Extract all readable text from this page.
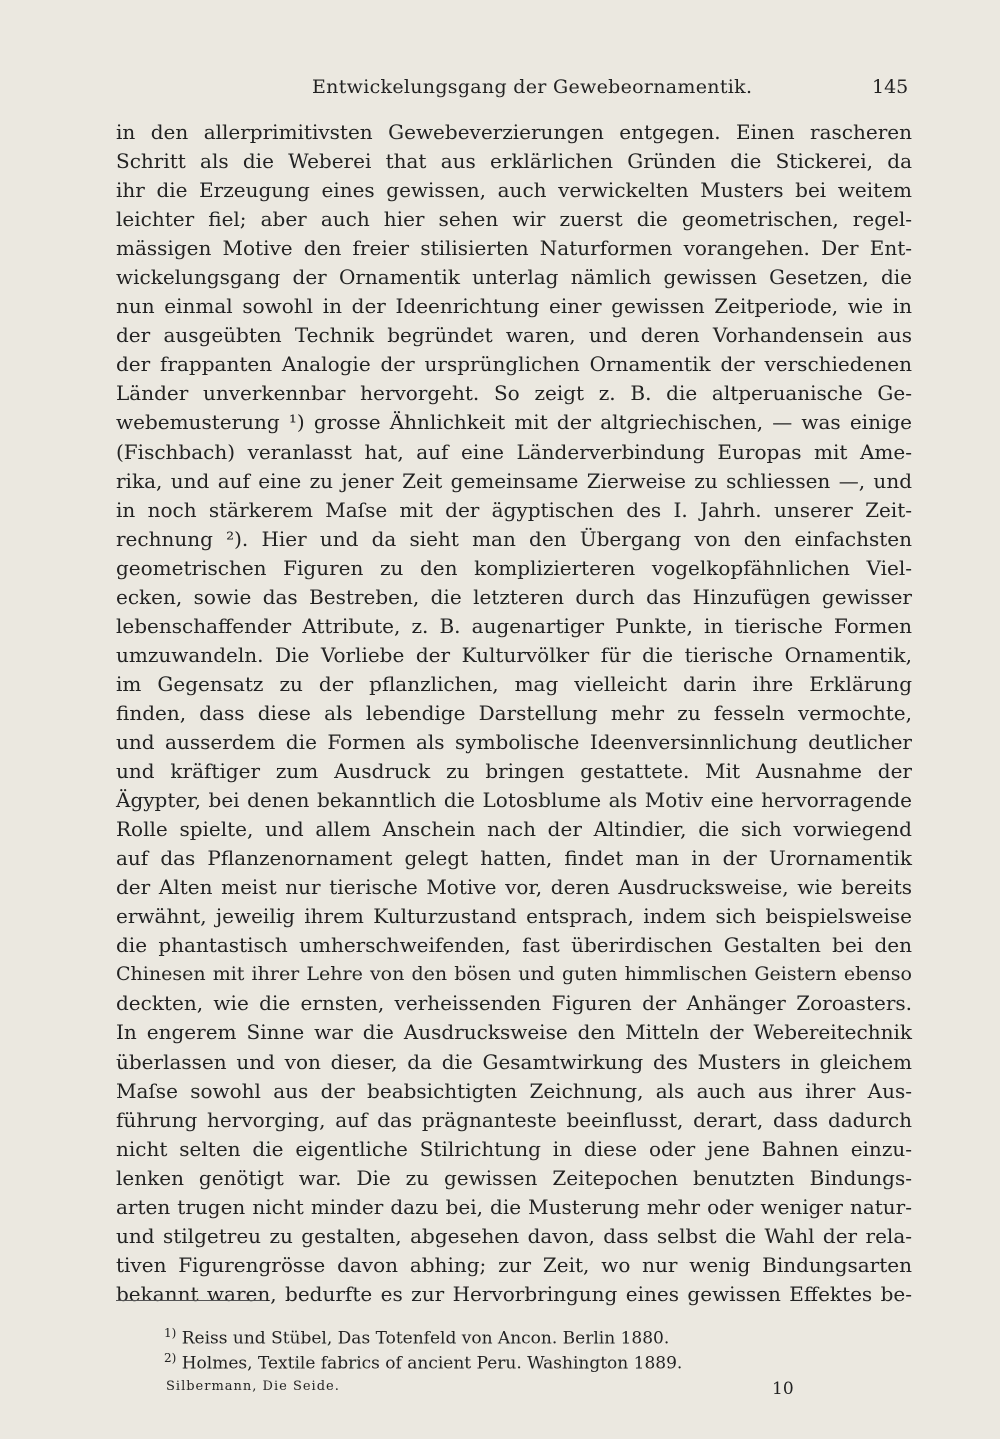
Entwickelungsgang der Gewebeornamentik.	145
in den allerprimitivsten Gewebeverzierungen entgegen. Einen rascheren
Schritt als die Weberei that aus erklärlichen Gründen die Stickerei, da
ihr die Erzeugung eines gewissen, auch verwickelten Musters bei weitem
leichter fiel; aber auch hier sehen wir zuerst die geometrischen, regel-
mässigen Motive den freier stilisierten Naturformen vorangehen. Der Ent-
wickelungsgang der Ornamentik unterlag nämlich gewissen Gesetzen, die
nun einmal sowohl in der Ideenrichtung einer gewissen Zeitperiode, wie in
der ausgeübten Technik begründet waren, und deren Vorhandensein aus
der frappanten Analogie der ursprünglichen Ornamentik der verschiedenen
Länder unverkennbar hervorgeht. So zeigt z. B. die altperuanische Ge-
webemusterung ¹) grosse Ähnlichkeit mit der altgriechischen, — was einige
(Fischbach) veranlasst hat, auf eine Länderverbindung Europas mit Ame-
rika, und auf eine zu jener Zeit gemeinsame Zierweise zu schliessen —, und
in noch stärkerem Maſse mit der ägyptischen des I. Jahrh. unserer Zeit-
rechnung ²). Hier und da sieht man den Übergang von den einfachsten
geometrischen Figuren zu den komplizierteren vogelkopfähnlichen Viel-
ecken, sowie das Bestreben, die letzteren durch das Hinzufügen gewisser
lebenschaffender Attribute, z. B. augenartiger Punkte, in tierische Formen
umzuwandeln. Die Vorliebe der Kulturvölker für die tierische Ornamentik,
im Gegensatz zu der pflanzlichen, mag vielleicht darin ihre Erklärung
finden, dass diese als lebendige Darstellung mehr zu fesseln vermochte,
und ausserdem die Formen als symbolische Ideenversinnlichung deutlicher
und kräftiger zum Ausdruck zu bringen gestattete. Mit Ausnahme der
Ägypter, bei denen bekanntlich die Lotosblume als Motiv eine hervorragende
Rolle spielte, und allem Anschein nach der Altindier, die sich vorwiegend
auf das Pflanzenornament gelegt hatten, findet man in der Urornamentik
der Alten meist nur tierische Motive vor, deren Ausdrucksweise, wie bereits
erwähnt, jeweilig ihrem Kulturzustand entsprach, indem sich beispielsweise
die phantastisch umherschweifenden, fast überirdischen Gestalten bei den
Chinesen mit ihrer Lehre von den bösen und guten himmlischen Geistern ebenso
deckten, wie die ernsten, verheissenden Figuren der Anhänger Zoroasters.
In engerem Sinne war die Ausdrucksweise den Mitteln der Webereitechnik
überlassen und von dieser, da die Gesamtwirkung des Musters in gleichem
Maſse sowohl aus der beabsichtigten Zeichnung, als auch aus ihrer Aus-
führung hervorging, auf das prägnanteste beeinflusst, derart, dass dadurch
nicht selten die eigentliche Stilrichtung in diese oder jene Bahnen einzu-
lenken genötigt war. Die zu gewissen Zeitepochen benutzten Bindungs-
arten trugen nicht minder dazu bei, die Musterung mehr oder weniger natur-
und stilgetreu zu gestalten, abgesehen davon, dass selbst die Wahl der rela-
tiven Figurengrösse davon abhing; zur Zeit, wo nur wenig Bindungsarten
bekannt waren, bedurfte es zur Hervorbringung eines gewissen Effektes be-
$^{1)}$ Reiss und Stübel, Das Totenfeld von Ancon. Berlin 1880.
$^{2)}$ Holmes, Textile fabrics of ancient Peru. Washington 1889.
Silbermann, Die Seide.	10
